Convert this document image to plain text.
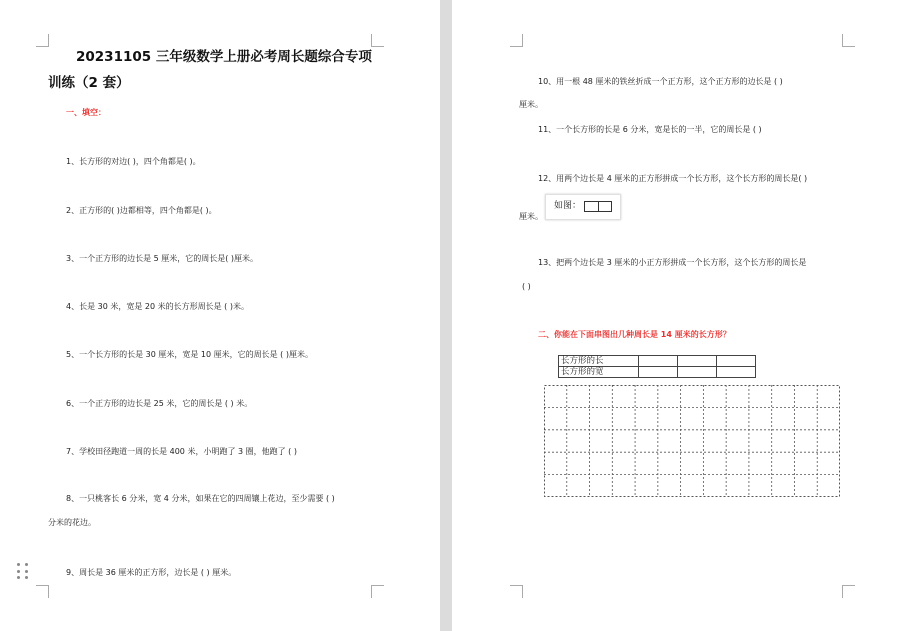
20231105 三年级数学上册必考周长题综合专项
训练（2 套）
一、填空：
1、长方形的对边( )，四个角都是( )。
2、正方形的( )边都相等，四个角都是( )。
3、一个正方形的边长是 5 厘米，它的周长是( )厘米。
4、长是 30 米，宽是 20 米的长方形周长是 ( )米。
5、一个长方形的长是 30 厘米，宽是 10 厘米，它的周长是 ( )厘米。
6、一个正方形的边长是 25 米，它的周长是 ( ) 米。
7、学校田径跑道一周的长是 400 米，小明跑了 3 圈，他跑了 ( )
8、一只桃客长 6 分米，宽 4 分米，如果在它的四周镶上花边，至少需要 ( )
分米的花边。
9、周长是 36 厘米的正方形，边长是 ( ) 厘米。
10、用一根 48 厘米的铁丝折成一个正方形，这个正方形的边长是 ( )
厘米。
11、一个长方形的长是 6 分米，宽是长的一半，它的周长是 ( )
12、用两个边长是 4 厘米的正方形拼成一个长方形，这个长方形的周长是( )
厘米。
如图：
13、把两个边长是 3 厘米的小正方形拼成一个长方形，这个长方形的周长是
( )
二、你能在下面串图出几种周长是 14 厘米的长方形？
长方形的长			
长方形的宽			
